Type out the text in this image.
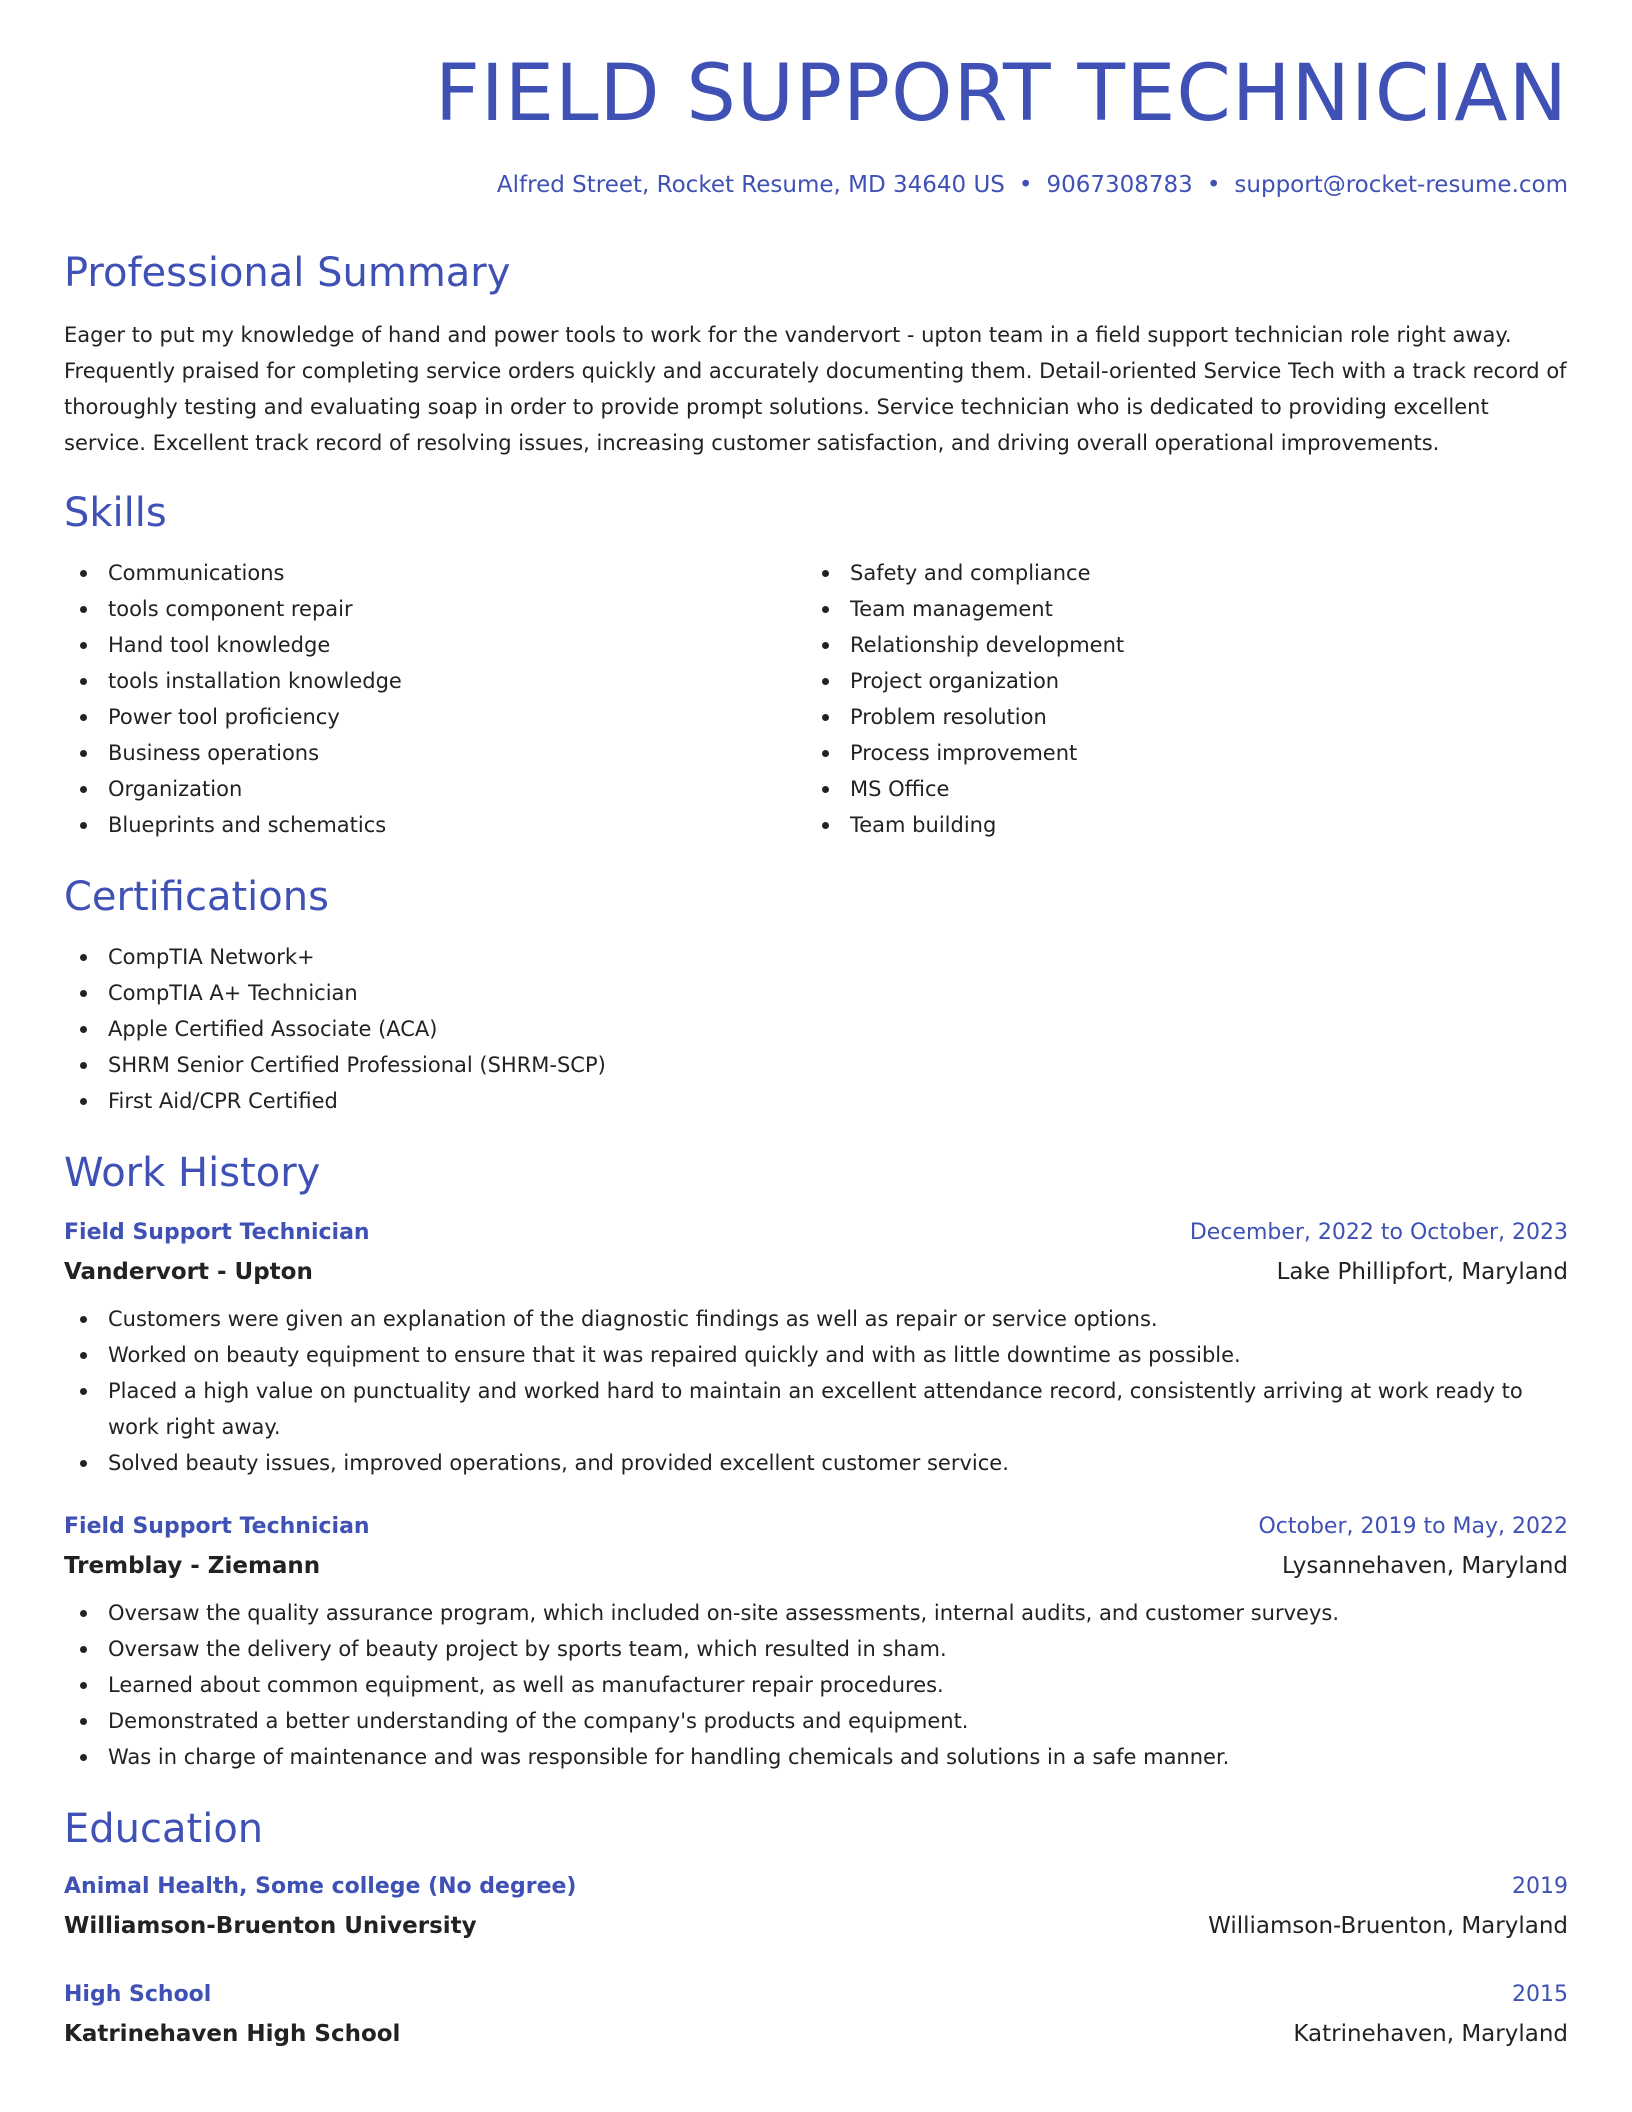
FIELD SUPPORT TECHNICIAN
Alfred Street, Rocket Resume, MD 34640 US • 9067308783 • support@rocket-resume.com
Professional Summary

Eager to put my knowledge of hand and power tools to work for the vandervort - upton team in a field support technician role right away. Frequently praised for completing service orders quickly and accurately documenting them. Detail-oriented Service Tech with a track record of thoroughly testing and evaluating soap in order to provide prompt solutions. Service technician who is dedicated to providing excellent service. Excellent track record of resolving issues, increasing customer satisfaction, and driving overall operational improvements.

Skills
Communications
tools component repair
Hand tool knowledge
tools installation knowledge
Power tool proficiency
Business operations
Organization
Blueprints and schematics
Safety and compliance
Team management
Relationship development
Project organization
Problem resolution
Process improvement
MS Office
Team building
Certifications
CompTIA Network+
CompTIA A+ Technician
Apple Certified Associate (ACA)
SHRM Senior Certified Professional (SHRM-SCP)
First Aid/CPR Certified
Work History
Field Support Technician	December, 2022 to October, 2023
Vandervort - Upton	Lake Phillipfort, Maryland
Customers were given an explanation of the diagnostic findings as well as repair or service options.
Worked on beauty equipment to ensure that it was repaired quickly and with as little downtime as possible.
Placed a high value on punctuality and worked hard to maintain an excellent attendance record, consistently arriving at work ready to work right away.
Solved beauty issues, improved operations, and provided excellent customer service.
Field Support Technician	October, 2019 to May, 2022
Tremblay - Ziemann	Lysannehaven, Maryland
Oversaw the quality assurance program, which included on-site assessments, internal audits, and customer surveys.
Oversaw the delivery of beauty project by sports team, which resulted in sham.
Learned about common equipment, as well as manufacturer repair procedures.
Demonstrated a better understanding of the company's products and equipment.
Was in charge of maintenance and was responsible for handling chemicals and solutions in a safe manner.
Education
Animal Health, Some college (No degree)	2019
Williamson-Bruenton University	Williamson-Bruenton, Maryland
High School	2015
Katrinehaven High School	Katrinehaven, Maryland
